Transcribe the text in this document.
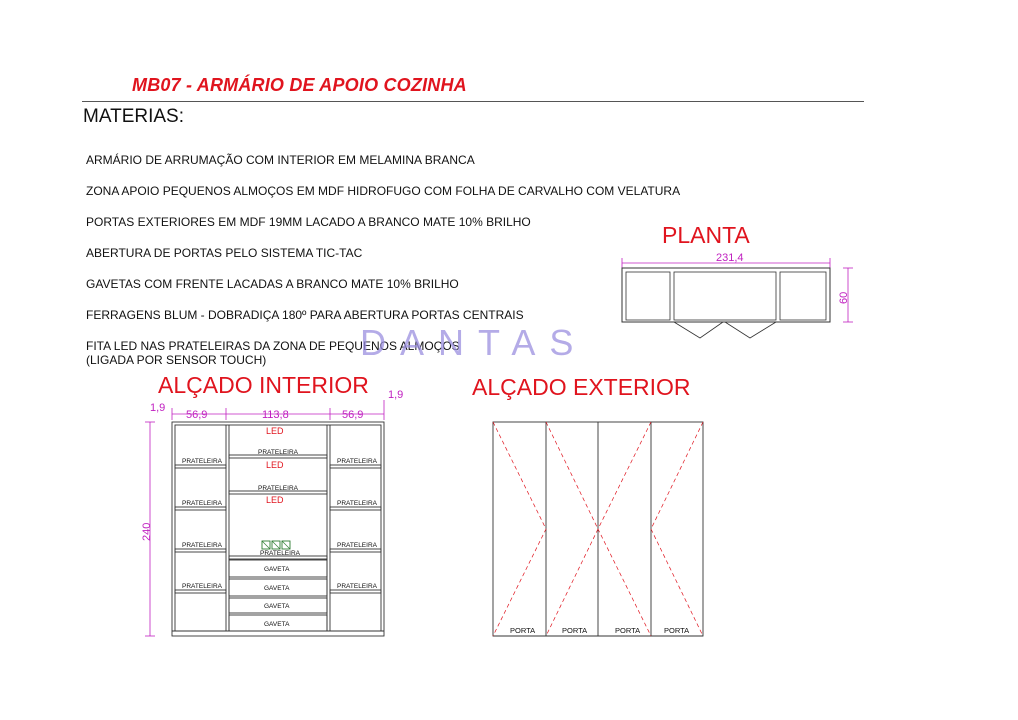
MB07 - ARMÁRIO DE APOIO COZINHA
MATERIAS:
ARMÁRIO DE ARRUMAÇÃO COM INTERIOR EM MELAMINA BRANCA
ZONA APOIO PEQUENOS ALMOÇOS EM MDF HIDROFUGO COM FOLHA DE CARVALHO COM VELATURA
PORTAS EXTERIORES EM MDF 19MM LACADO A BRANCO MATE 10% BRILHO
ABERTURA DE PORTAS PELO SISTEMA TIC-TAC
GAVETAS COM FRENTE LACADAS A BRANCO MATE 10% BRILHO
FERRAGENS BLUM - DOBRADIÇA 180º PARA ABERTURA PORTAS CENTRAIS
FITA LED NAS PRATELEIRAS DA ZONA DE PEQUENOS ALMOÇOS
(LIGADA POR SENSOR TOUCH)	DANTAS
PLANTA
ALÇADO INTERIOR	ALÇADO EXTERIOR
231,4
60
1,9
1,9
56,9	113,8	56,9
240
LED
LED
LED
PRATELEIRA
PRATELEIRA
PRATELEIRA
PRATELEIRA
PRATELEIRA
PRATELEIRA
PRATELEIRA
PRATELEIRA
PRATELEIRA
PRATELEIRA
PRATELEIRA
GAVETA
GAVETA
GAVETA
GAVETA
PORTA	PORTA	PORTA	PORTA
